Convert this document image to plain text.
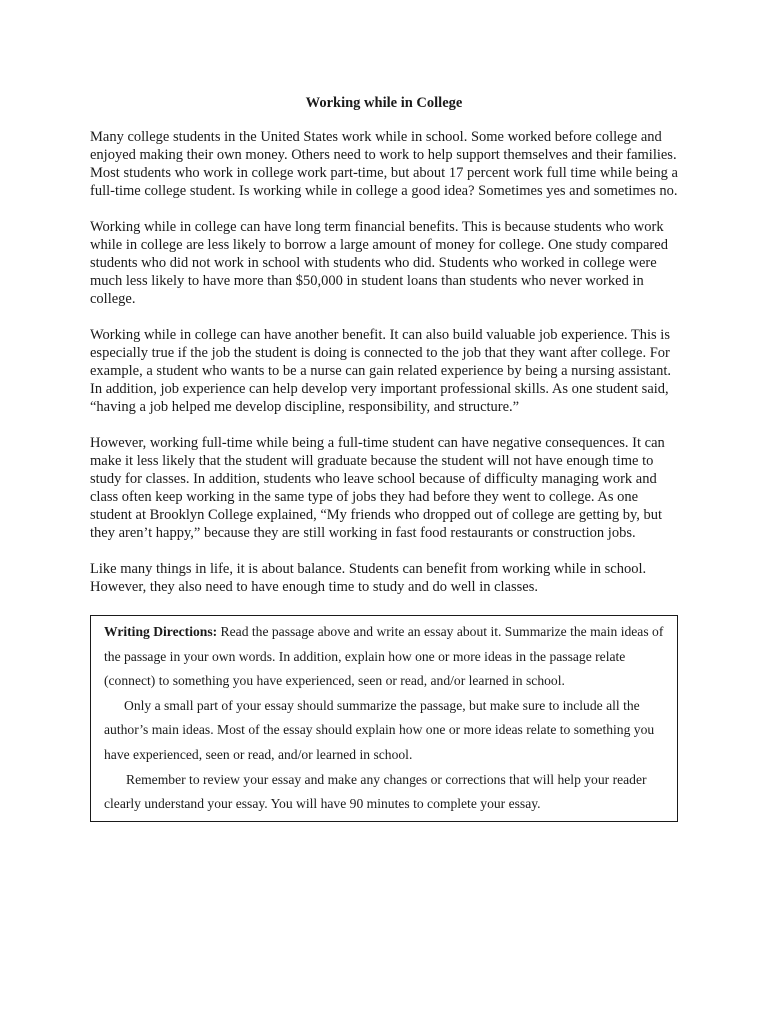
Working while in College

Many college students in the United States work while in school. Some worked before college and enjoyed making their own money. Others need to work to help support themselves and their families. Most students who work in college work part-time, but about 17 percent work full time while being a full-time college student. Is working while in college a good idea? Sometimes yes and sometimes no.

Working while in college can have long term financial benefits. This is because students who work while in college are less likely to borrow a large amount of money for college. One study compared students who did not work in school with students who did. Students who worked in college were much less likely to have more than $50,000 in student loans than students who never worked in college.

Working while in college can have another benefit. It can also build valuable job experience. This is especially true if the job the student is doing is connected to the job that they want after college. For example, a student who wants to be a nurse can gain related experience by being a nursing assistant. In addition, job experience can help develop very important professional skills. As one student said, “having a job helped me develop discipline, responsibility, and structure.”

However, working full-time while being a full-time student can have negative consequences. It can make it less likely that the student will graduate because the student will not have enough time to study for classes. In addition, students who leave school because of difficulty managing work and class often keep working in the same type of jobs they had before they went to college. As one student at Brooklyn College explained, “My friends who dropped out of college are getting by, but they aren’t happy,” because they are still working in fast food restaurants or construction jobs.

Like many things in life, it is about balance. Students can benefit from working while in school. However, they also need to have enough time to study and do well in classes.

Writing Directions: Read the passage above and write an essay about it. Summarize the main ideas of the passage in your own words. In addition, explain how one or more ideas in the passage relate (connect) to something you have experienced, seen or read, and/or learned in school.

Only a small part of your essay should summarize the passage, but make sure to include all the author’s main ideas. Most of the essay should explain how one or more ideas relate to something you have experienced, seen or read, and/or learned in school.

Remember to review your essay and make any changes or corrections that will help your reader clearly understand your essay. You will have 90 minutes to complete your essay.
